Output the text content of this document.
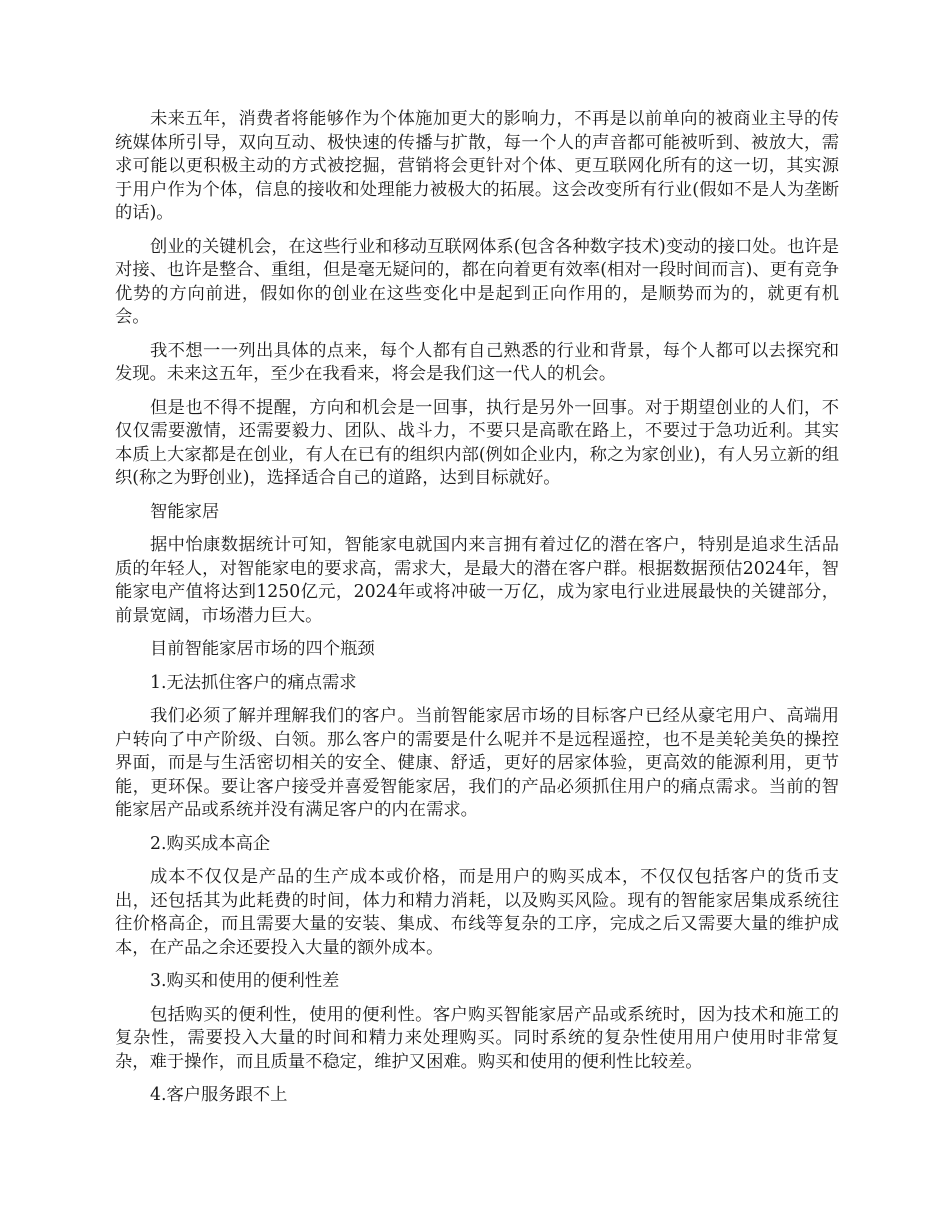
未来五年，消费者将能够作为个体施加更大的影响力，不再是以前单向的被商业主导的传统媒体所引导，双向互动、极快速的传播与扩散，每一个人的声音都可能被听到、被放大，需求可能以更积极主动的方式被挖掘，营销将会更针对个体、更互联网化所有的这一切，其实源于用户作为个体，信息的接收和处理能力被极大的拓展。这会改变所有行业(假如不是人为垄断的话)。

创业的关键机会，在这些行业和移动互联网体系(包含各种数字技术)变动的接口处。也许是对接、也许是整合、重组，但是毫无疑问的，都在向着更有效率(相对一段时间而言)、更有竞争优势的方向前进，假如你的创业在这些变化中是起到正向作用的，是顺势而为的，就更有机会。

我不想一一列出具体的点来，每个人都有自己熟悉的行业和背景，每个人都可以去探究和发现。未来这五年，至少在我看来，将会是我们这一代人的机会。

但是也不得不提醒，方向和机会是一回事，执行是另外一回事。对于期望创业的人们，不仅仅需要激情，还需要毅力、团队、战斗力，不要只是高歌在路上，不要过于急功近利。其实本质上大家都是在创业，有人在已有的组织内部(例如企业内，称之为家创业)，有人另立新的组织(称之为野创业)，选择适合自己的道路，达到目标就好。

智能家居

据中怡康数据统计可知，智能家电就国内来言拥有着过亿的潜在客户，特别是追求生活品质的年轻人，对智能家电的要求高，需求大，是最大的潜在客户群。根据数据预估2024年，智能家电产值将达到1250亿元，2024年或将冲破一万亿，成为家电行业进展最快的关键部分，前景宽阔，市场潜力巨大。

目前智能家居市场的四个瓶颈

1.无法抓住客户的痛点需求

我们必须了解并理解我们的客户。当前智能家居市场的目标客户已经从豪宅用户、高端用户转向了中产阶级、白领。那么客户的需要是什么呢并不是远程遥控，也不是美轮美奂的操控界面，而是与生活密切相关的安全、健康、舒适，更好的居家体验，更高效的能源利用，更节能，更环保。要让客户接受并喜爱智能家居，我们的产品必须抓住用户的痛点需求。当前的智能家居产品或系统并没有满足客户的内在需求。

2.购买成本高企

成本不仅仅是产品的生产成本或价格，而是用户的购买成本，不仅仅包括客户的货币支出，还包括其为此耗费的时间，体力和精力消耗，以及购买风险。现有的智能家居集成系统往往价格高企，而且需要大量的安装、集成、布线等复杂的工序，完成之后又需要大量的维护成本，在产品之余还要投入大量的额外成本。

3.购买和使用的便利性差

包括购买的便利性，使用的便利性。客户购买智能家居产品或系统时，因为技术和施工的复杂性，需要投入大量的时间和精力来处理购买。同时系统的复杂性使用用户使用时非常复杂，难于操作，而且质量不稳定，维护又困难。购买和使用的便利性比较差。

4.客户服务跟不上
